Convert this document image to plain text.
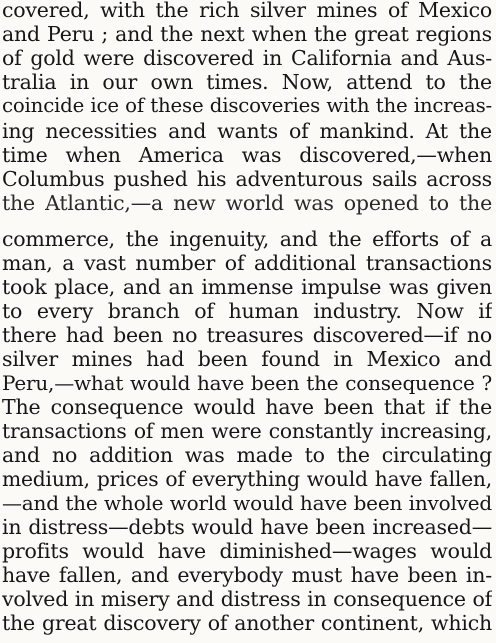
covered, with the rich silver mines of Mexico
and Peru ; and the next when the great regions
of gold were discovered in California and Aus-
tralia in our own times. Now, attend to the
coincide ice of these discoveries with the increas-
ing necessities and wants of mankind. At the
time when America was discovered,—when
Columbus pushed his adventurous sails across
the Atlantic,—a new world was opened to the
commerce, the ingenuity, and the efforts of a
man, a vast number of additional transactions
took place, and an immense impulse was given
to every branch of human industry. Now if
there had been no treasures discovered—if no
silver mines had been found in Mexico and
Peru,—what would have been the consequence ?
The consequence would have been that if the
transactions of men were constantly increasing,
and no addition was made to the circulating
medium, prices of everything would have fallen,
—and the whole world would have been involved
in distress—debts would have been increased—
profits would have diminished—wages would
have fallen, and everybody must have been in-
volved in misery and distress in consequence of
the great discovery of another continent, which
